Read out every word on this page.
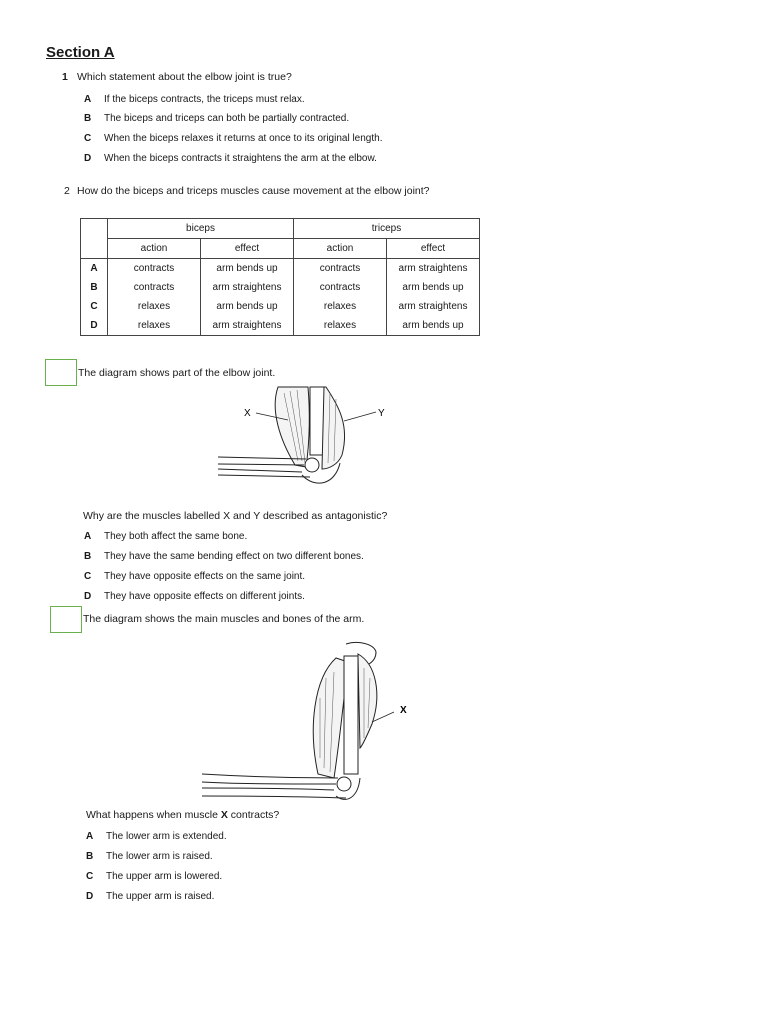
Section A
1 Which statement about the elbow joint is true?
A If the biceps contracts, the triceps must relax.
B The biceps and triceps can both be partially contracted.
C When the biceps relaxes it returns at once to its original length.
D When the biceps contracts it straightens the arm at the elbow.
2 How do the biceps and triceps muscles cause movement at the elbow joint?
	biceps		triceps	
	action	effect	action	effect
A	contracts	arm bends up	contracts	arm straightens
B	contracts	arm straightens	contracts	arm bends up
C	relaxes	arm bends up	relaxes	arm straightens
D	relaxes	arm straightens	relaxes	arm bends up
The diagram shows part of the elbow joint.
X	Y
Why are the muscles labelled X and Y described as antagonistic?
A They both affect the same bone.
B They have the same bending effect on two different bones.
C They have opposite effects on the same joint.
D They have opposite effects on different joints.
The diagram shows the main muscles and bones of the arm.
X
What happens when muscle X contracts?
A The lower arm is extended.
B The lower arm is raised.
C The upper arm is lowered.
D The upper arm is raised.
